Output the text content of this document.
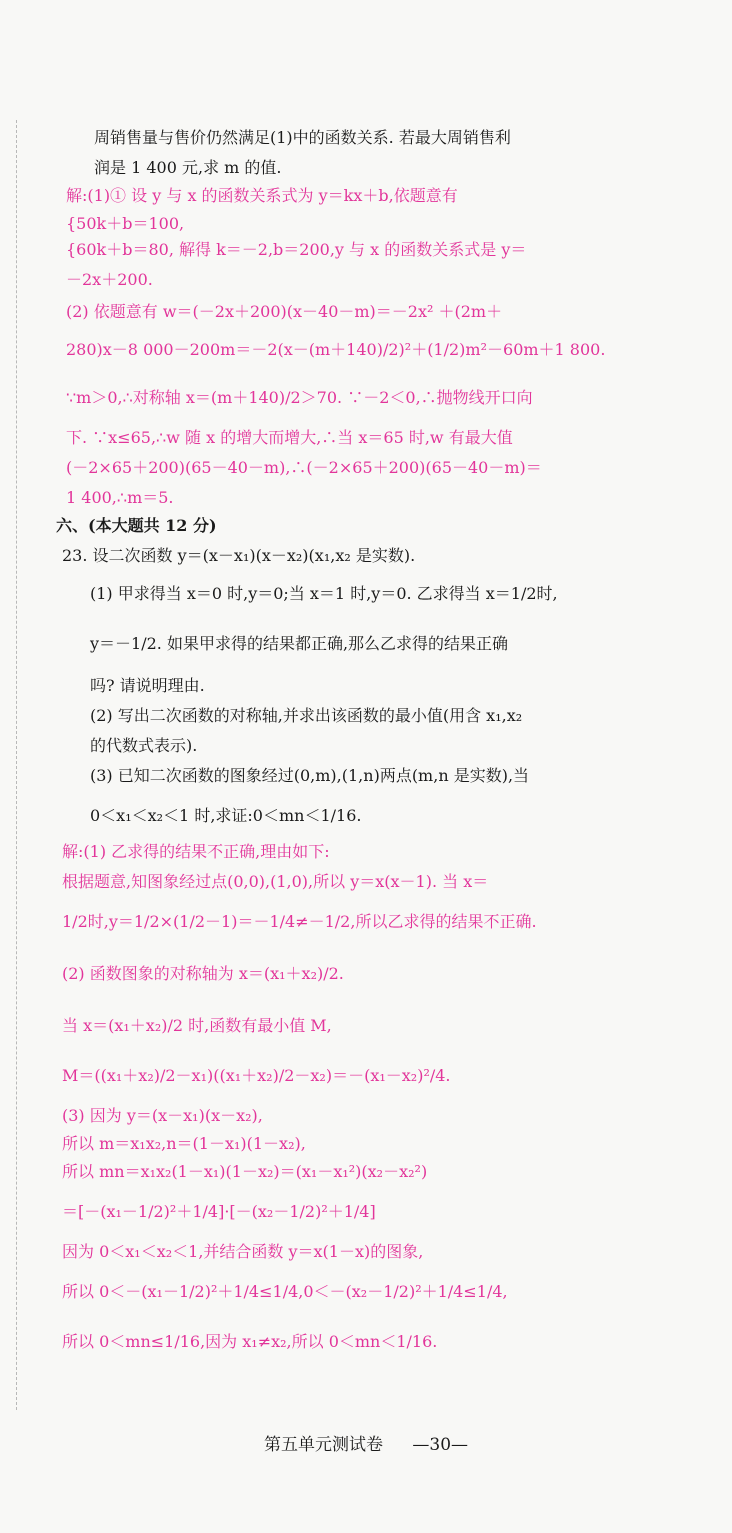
周销售量与售价仍然满足(1)中的函数关系. 若最大周销售利
润是 1 400 元,求 m 的值.
解:(1)① 设 y 与 x 的函数关系式为 y＝kx＋b,依题意有
{50k＋b＝100,
{60k＋b＝80, 解得 k＝－2,b＝200,y 与 x 的函数关系式是 y＝
－2x＋200.
(2) 依题意有 w＝(－2x＋200)(x－40－m)＝－2x² ＋(2m＋
280)x－8 000－200m＝－2(x－(m＋140)/2)²＋(1/2)m²－60m＋1 800.
∵m＞0,∴对称轴 x＝(m＋140)/2＞70. ∵－2＜0,∴抛物线开口向
下. ∵x≤65,∴w 随 x 的增大而增大,∴当 x＝65 时,w 有最大值
(－2×65＋200)(65－40－m),∴(－2×65＋200)(65－40－m)＝
1 400,∴m＝5.
六、(本大题共 12 分)
23. 设二次函数 y＝(x－x₁)(x－x₂)(x₁,x₂ 是实数).
(1) 甲求得当 x＝0 时,y＝0;当 x＝1 时,y＝0. 乙求得当 x＝1/2时,
y＝－1/2. 如果甲求得的结果都正确,那么乙求得的结果正确
吗? 请说明理由.
(2) 写出二次函数的对称轴,并求出该函数的最小值(用含 x₁,x₂
的代数式表示).
(3) 已知二次函数的图象经过(0,m),(1,n)两点(m,n 是实数),当
0＜x₁＜x₂＜1 时,求证:0＜mn＜1/16.
解:(1) 乙求得的结果不正确,理由如下:
根据题意,知图象经过点(0,0),(1,0),所以 y＝x(x－1). 当 x＝
1/2时,y＝1/2×(1/2－1)＝－1/4≠－1/2,所以乙求得的结果不正确.
(2) 函数图象的对称轴为 x＝(x₁＋x₂)/2.
当 x＝(x₁＋x₂)/2 时,函数有最小值 M,
M＝((x₁＋x₂)/2－x₁)((x₁＋x₂)/2－x₂)＝－(x₁－x₂)²/4.
(3) 因为 y＝(x－x₁)(x－x₂),
所以 m＝x₁x₂,n＝(1－x₁)(1－x₂),
所以 mn＝x₁x₂(1－x₁)(1－x₂)＝(x₁－x₁²)(x₂－x₂²)
＝[－(x₁－1/2)²＋1/4]·[－(x₂－1/2)²＋1/4]
因为 0＜x₁＜x₂＜1,并结合函数 y＝x(1－x)的图象,
所以 0＜－(x₁－1/2)²＋1/4≤1/4,0＜－(x₂－1/2)²＋1/4≤1/4,
所以 0＜mn≤1/16,因为 x₁≠x₂,所以 0＜mn＜1/16.
第五单元测试卷 —30—
